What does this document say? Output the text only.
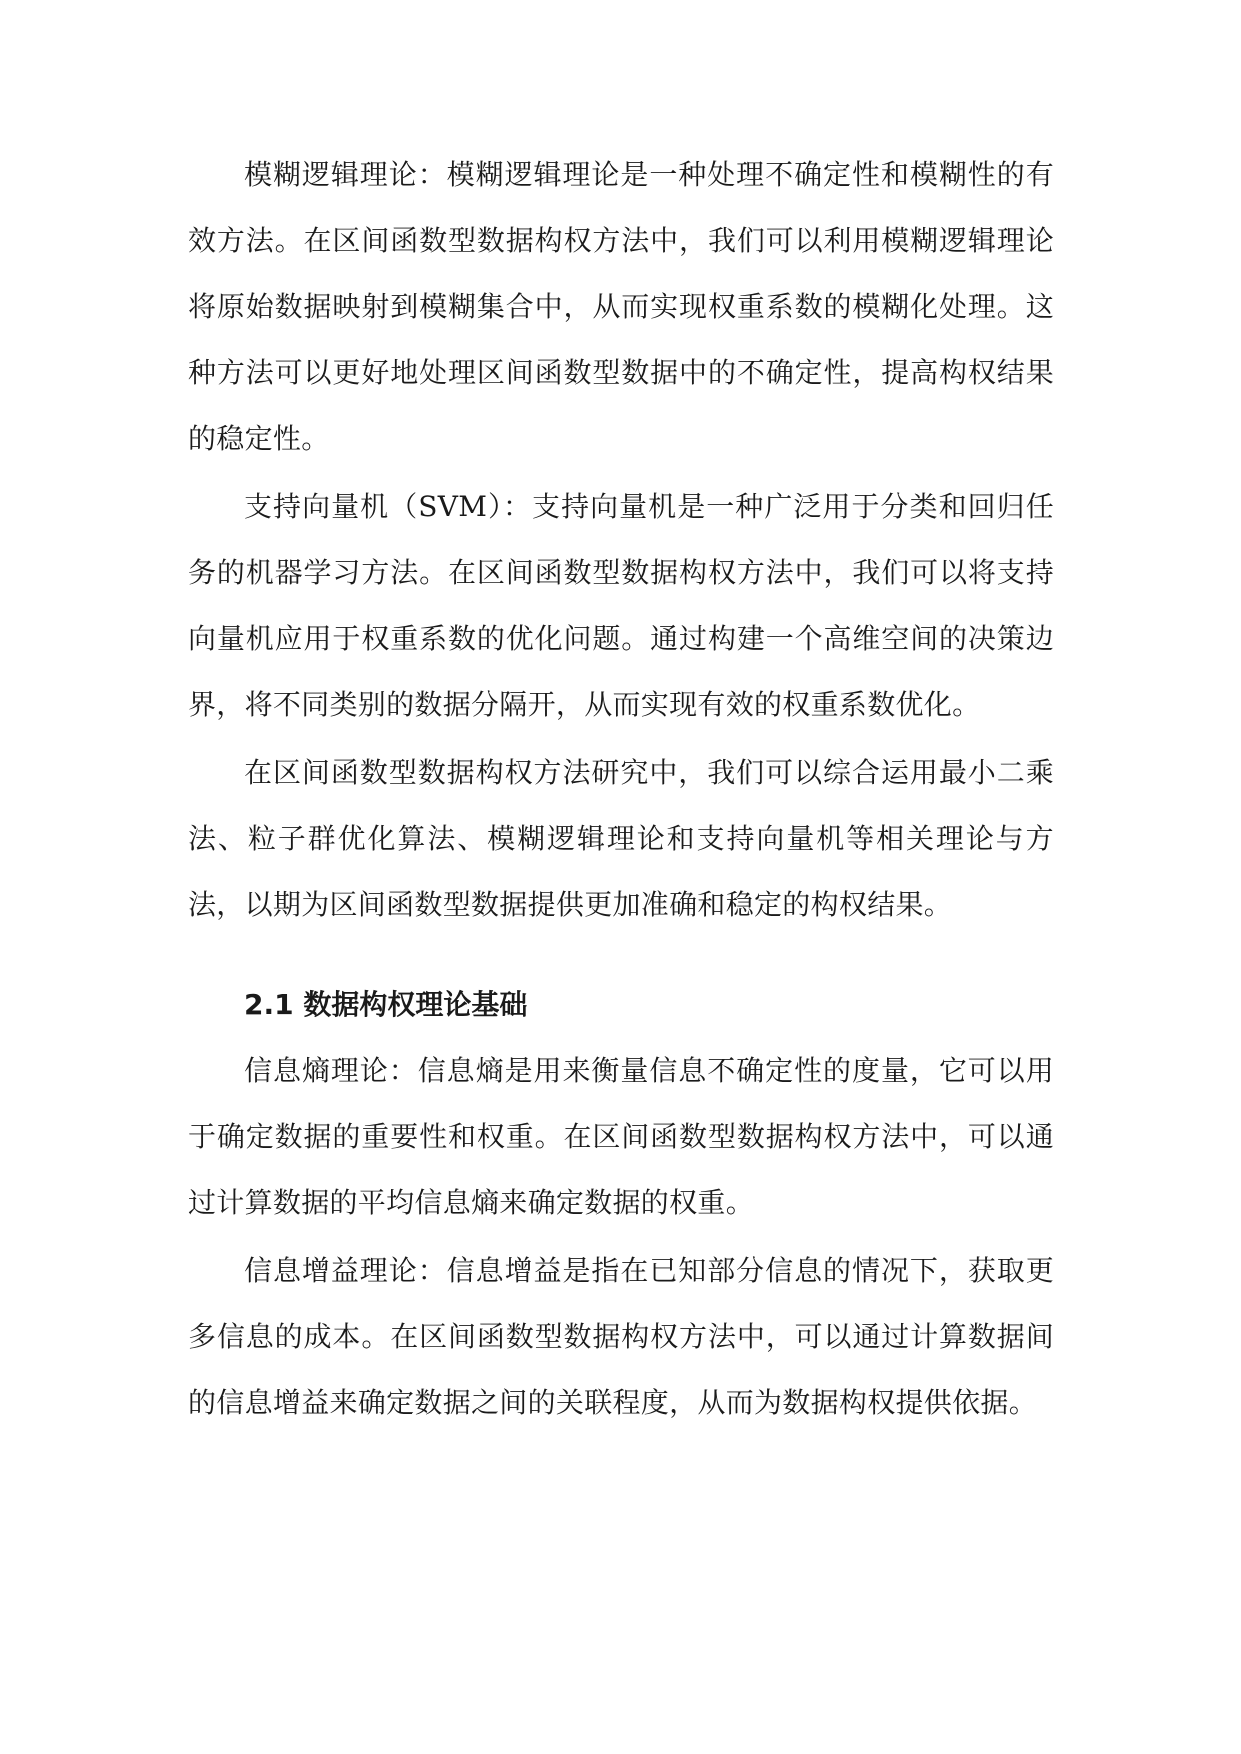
模糊逻辑理论：模糊逻辑理论是一种处理不确定性和模糊性的有效方法。在区间函数型数据构权方法中，我们可以利用模糊逻辑理论将原始数据映射到模糊集合中，从而实现权重系数的模糊化处理。这种方法可以更好地处理区间函数型数据中的不确定性，提高构权结果的稳定性。

支持向量机（SVM）：支持向量机是一种广泛用于分类和回归任务的机器学习方法。在区间函数型数据构权方法中，我们可以将支持向量机应用于权重系数的优化问题。通过构建一个高维空间的决策边界，将不同类别的数据分隔开，从而实现有效的权重系数优化。

在区间函数型数据构权方法研究中，我们可以综合运用最小二乘法、粒子群优化算法、模糊逻辑理论和支持向量机等相关理论与方法，以期为区间函数型数据提供更加准确和稳定的构权结果。

2.1 数据构权理论基础

信息熵理论：信息熵是用来衡量信息不确定性的度量，它可以用于确定数据的重要性和权重。在区间函数型数据构权方法中，可以通过计算数据的平均信息熵来确定数据的权重。

信息增益理论：信息增益是指在已知部分信息的情况下，获取更多信息的成本。在区间函数型数据构权方法中，可以通过计算数据间的信息增益来确定数据之间的关联程度，从而为数据构权提供依据。
